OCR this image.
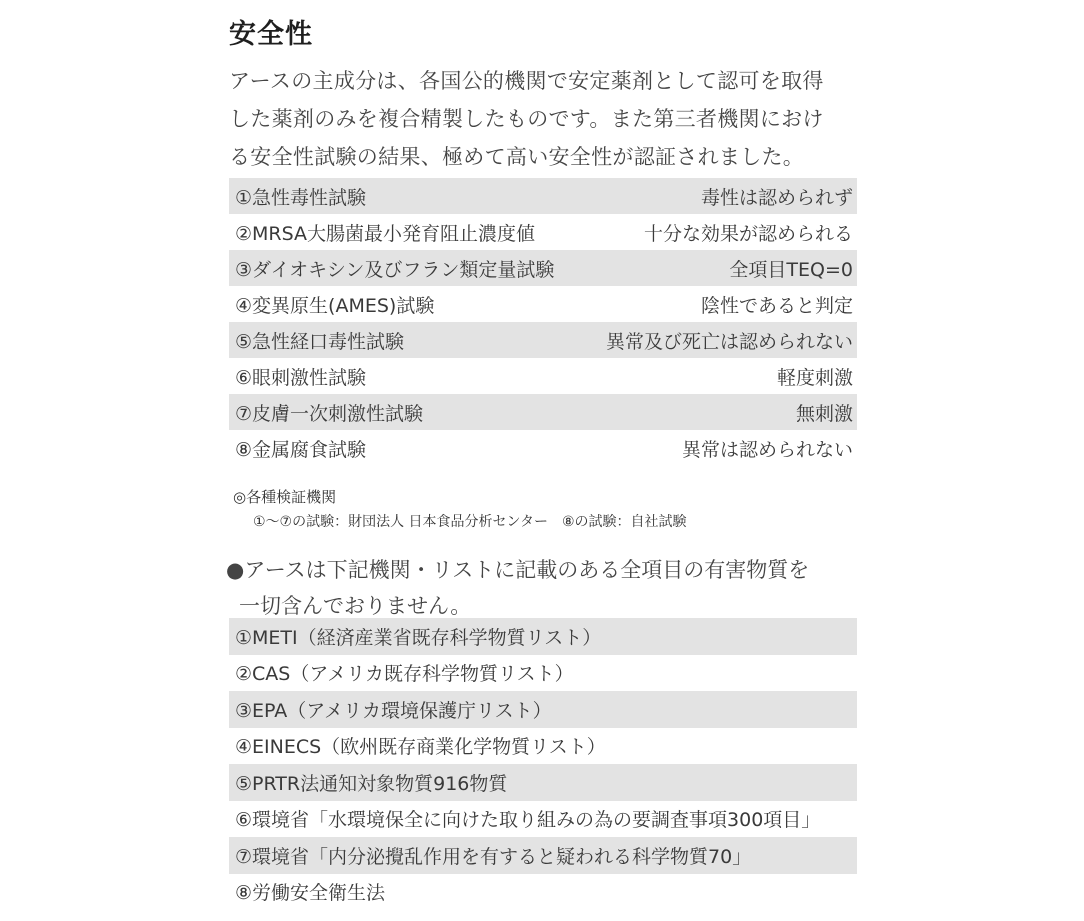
安全性
アースの主成分は、各国公的機関で安定薬剤として認可を取得
した薬剤のみを複合精製したものです。また第三者機関におけ
る安全性試験の結果、極めて高い安全性が認証されました。
①急性毒性試験	毒性は認められず
②MRSA大腸菌最小発育阻止濃度値	十分な効果が認められる
③ダイオキシン及びフラン類定量試験	全項目TEQ=0
④変異原生(AMES)試験	陰性であると判定
⑤急性経口毒性試験	異常及び死亡は認められない
⑥眼刺激性試験	軽度刺激
⑦皮膚一次刺激性試験	無刺激
⑧金属腐食試験	異常は認められない
◎各種検証機関
①〜⑦の試験：財団法人 日本食品分析センター　⑧の試験：自社試験
●アースは下記機関・リストに記載のある全項目の有害物質を
一切含んでおりません。
①METI（経済産業省既存科学物質リスト）
②CAS（アメリカ既存科学物質リスト）
③EPA（アメリカ環境保護庁リスト）
④EINECS（欧州既存商業化学物質リスト）
⑤PRTR法通知対象物質916物質
⑥環境省「水環境保全に向けた取り組みの為の要調査事項300項目」
⑦環境省「内分泌攪乱作用を有すると疑われる科学物質70」
⑧労働安全衛生法
